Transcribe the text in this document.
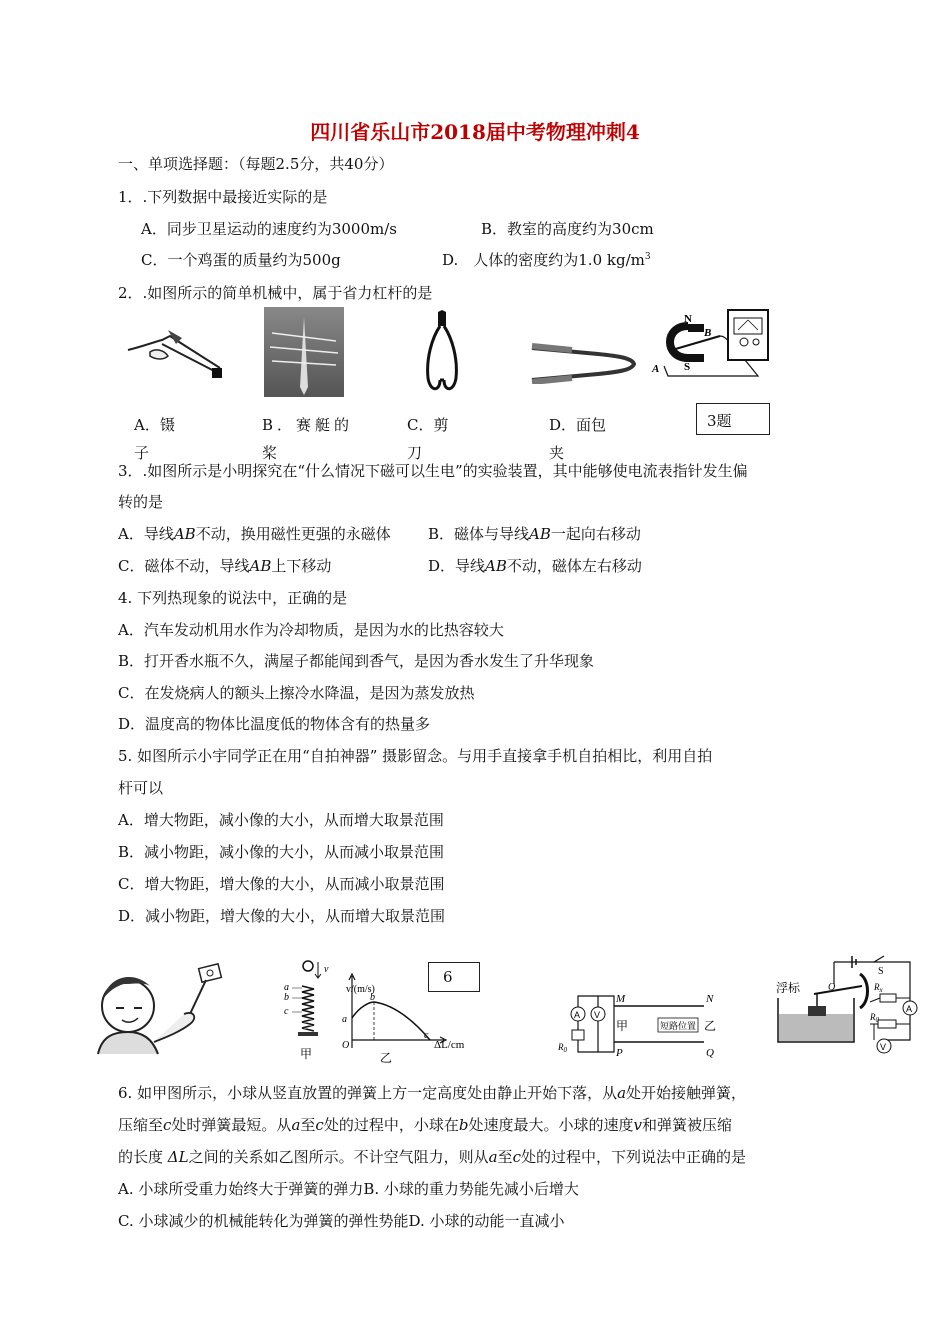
四川省乐山市2018届中考物理冲刺4
一、单项选择题：（每题2.5分，共40分）
1．.下列数据中最接近实际的是
A．同步卫星运动的速度约为3000m/s	B．教室的高度约为30cm
C．一个鸡蛋的质量约为500g	D.　人体的密度约为1.0 $kg/m^3$
2．.如图所示的简单机械中，属于省力杠杆的是
N
B
A S
A．镊
子
B．赛艇的
桨
C．剪
刀
D．面包
夹
3题
3．.如图所示是小明探究在“什么情况下磁可以生电”的实验装置，其中能够使电流表指针发生偏
转的是
A．导线AB不动，换用磁性更强的永磁体 B．磁体与导线AB一起向右移动
C．磁体不动，导线AB上下移动	D．导线AB不动，磁体左右移动
4. 下列热现象的说法中，正确的是
A．汽车发动机用水作为冷却物质，是因为水的比热容较大
B．打开香水瓶不久，满屋子都能闻到香气，是因为香水发生了升华现象
C．在发烧病人的额头上擦冷水降温，是因为蒸发放热
D．温度高的物体比温度低的物体含有的热量多
5. 如图所示小宇同学正在用“自拍神器” 摄影留念。与用手直接拿手机自拍相比，利用自拍
杆可以
A．增大物距，减小像的大小，从而增大取景范围
B．减小物距，减小像的大小，从而减小取景范围
C．增大物距，增大像的大小，从而减小取景范围
D．减小物距，增大像的大小，从而增大取景范围
v
a
b
c
甲
v/(m/s)
b
a
O
c
ΔL/cm
乙
6
A V
$R_0$
短路位置
M	N
P	Q
甲	乙
S
O	$R_x$
A
$R_0$
V
浮标
6. 如甲图所示，小球从竖直放置的弹簧上方一定高度处由静止开始下落，从a处开始接触弹簧，
压缩至c处时弹簧最短。从a至c处的过程中，小球在b处速度最大。小球的速度v和弹簧被压缩
的长度 ΔL之间的关系如乙图所示。不计空气阻力，则从a至c处的过程中，下列说法中正确的是
A. 小球所受重力始终大于弹簧的弹力B. 小球的重力势能先减小后增大
C. 小球减少的机械能转化为弹簧的弹性势能D. 小球的动能一直减小
